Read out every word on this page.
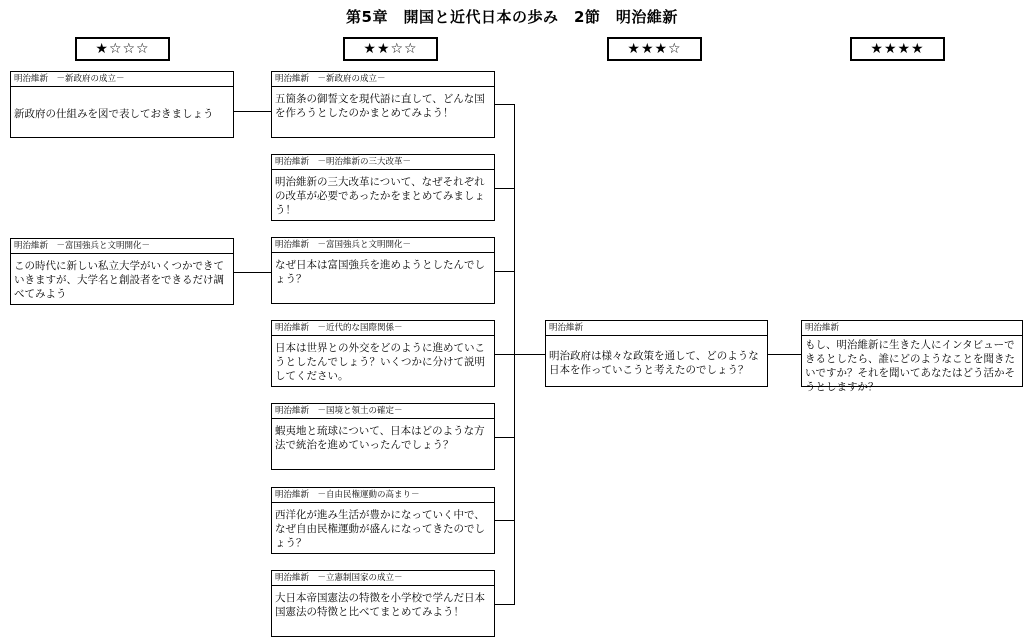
第5章　開国と近代日本の歩み　2節　明治維新
★☆☆☆	★★☆☆	★★★☆	★★★★
明治維新　－新政府の成立－
新政府の仕組みを図で表しておきましょう
明治維新　－富国強兵と文明開化－
この時代に新しい私立大学がいくつかできていきますが、大学名と創設者をできるだけ調べてみよう
明治維新　－新政府の成立－
五箇条の御誓文を現代語に直して、どんな国を作ろうとしたのかまとめてみよう！
明治維新　－明治維新の三大改革－
明治維新の三大改革について、なぜそれぞれの改革が必要であったかをまとめてみましょう！
明治維新　－富国強兵と文明開化－
なぜ日本は富国強兵を進めようとしたんでしょう？
明治維新　－近代的な国際関係－
日本は世界との外交をどのように進めていこうとしたんでしょう？いくつかに分けて説明してください。
明治維新　－国境と領土の確定－
蝦夷地と琉球について、日本はどのような方法で統治を進めていったんでしょう？
明治維新　－自由民権運動の高まり－
西洋化が進み生活が豊かになっていく中で、なぜ自由民権運動が盛んになってきたのでしょう？
明治維新　－立憲制国家の成立－
大日本帝国憲法の特徴を小学校で学んだ日本国憲法の特徴と比べてまとめてみよう！
明治維新
明治政府は様々な政策を通して、どのような日本を作っていこうと考えたのでしょう？
明治維新
もし、明治維新に生きた人にインタビューできるとしたら、誰にどのようなことを聞きたいですか？それを聞いてあなたはどう活かそうとしますか？
